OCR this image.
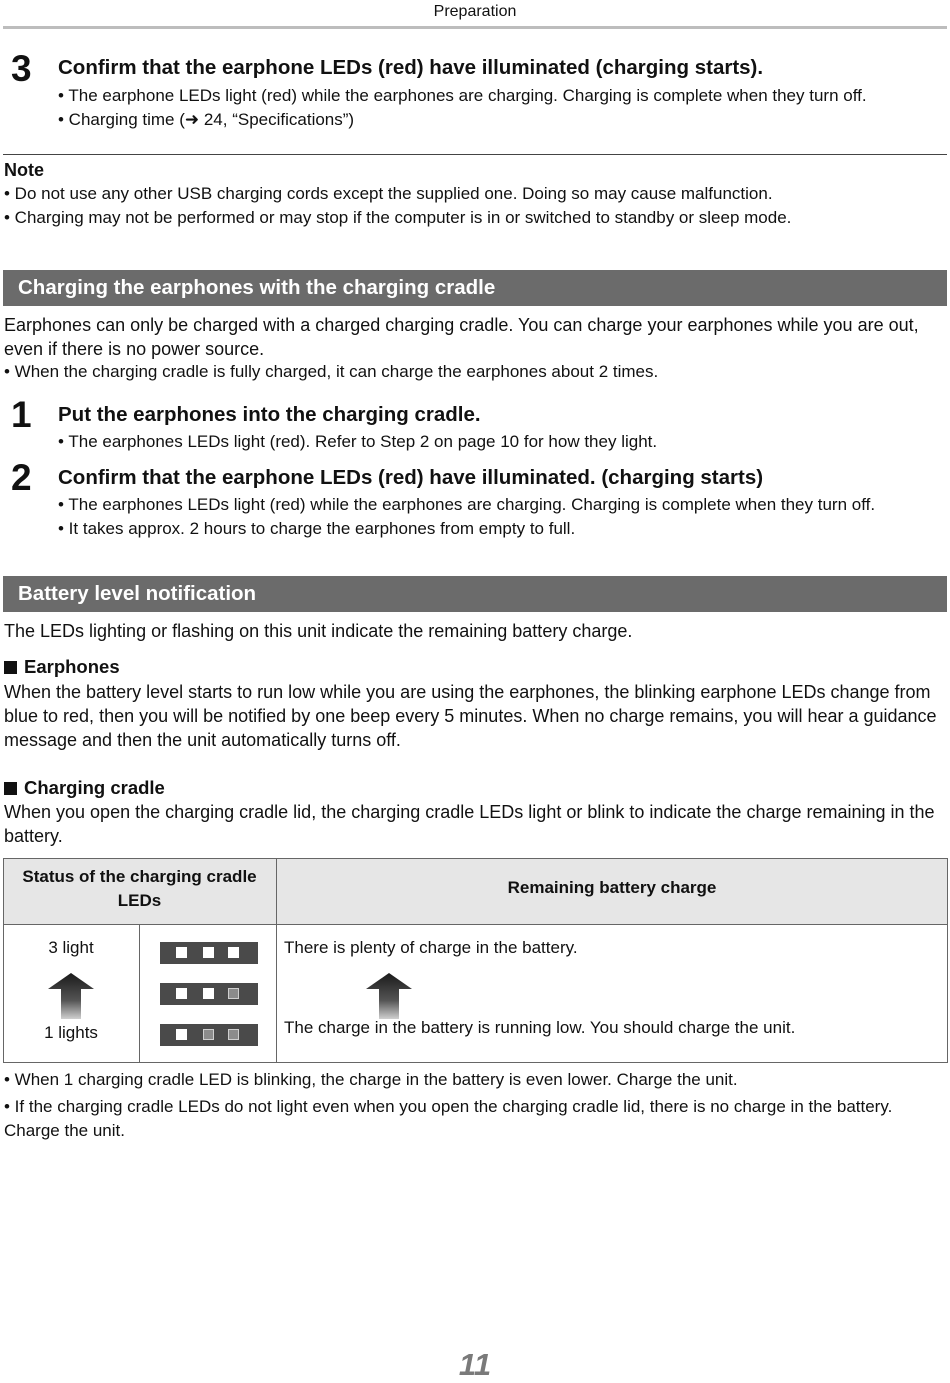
Preparation
3 Confirm that the earphone LEDs (red) have illuminated (charging starts).
• The earphone LEDs light (red) while the earphones are charging. Charging is complete when they turn off.
• Charging time (➜ 24, “Specifications”)
Note
• Do not use any other USB charging cords except the supplied one. Doing so may cause malfunction.
• Charging may not be performed or may stop if the computer is in or switched to standby or sleep mode.
Charging the earphones with the charging cradle
Earphones can only be charged with a charged charging cradle. You can charge your earphones while you are out, even if there is no power source.
• When the charging cradle is fully charged, it can charge the earphones about 2 times.
1 Put the earphones into the charging cradle.
• The earphones LEDs light (red). Refer to Step 2 on page 10 for how they light.
2 Confirm that the earphone LEDs (red) have illuminated. (charging starts)
• The earphones LEDs light (red) while the earphones are charging. Charging is complete when they turn off.
• It takes approx. 2 hours to charge the earphones from empty to full.
Battery level notification
The LEDs lighting or flashing on this unit indicate the remaining battery charge.
Earphones
When the battery level starts to run low while you are using the earphones, the blinking earphone LEDs change from blue to red, then you will be notified by one beep every 5 minutes. When no charge remains, you will hear a guidance message and then the unit automatically turns off.
Charging cradle
When you open the charging cradle lid, the charging cradle LEDs light or blink to indicate the charge remaining in the battery.
Status of the charging cradle LEDs
Remaining battery charge
3 light
1 lights
There is plenty of charge in the battery.
The charge in the battery is running low. You should charge the unit.
• When 1 charging cradle LED is blinking, the charge in the battery is even lower. Charge the unit.
• If the charging cradle LEDs do not light even when you open the charging cradle lid, there is no charge in the battery. Charge the unit.
11
